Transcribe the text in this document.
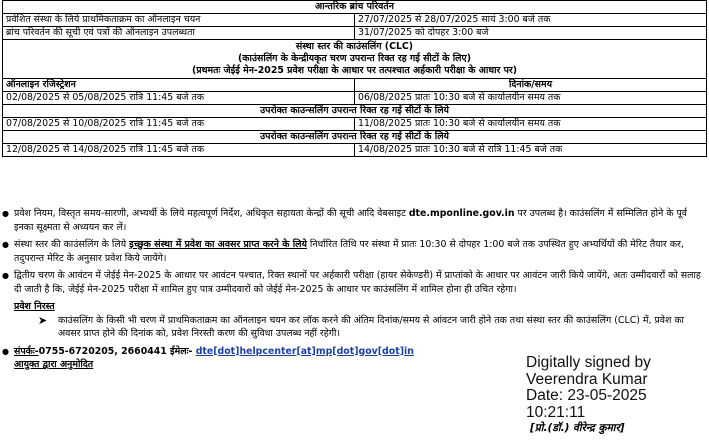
आन्तरिक ब्रांच परिवर्तन	
प्रवेशित संस्था के लिये प्राथमिकताक्रम का ऑनलाइन चयन	27/07/2025 से 28/07/2025 सायं 3:00 बजे तक
ब्रांच परिवर्तन की सूची एवं पत्रों की ऑनलाइन उपलब्धता	31/07/2025 को दोपहर 3:00 बजे

संस्था स्तर की काउंसलिंग (CLC)
(काउंसलिंग के केन्द्रीयकृत चरण उपरान्त रिक्त रह गई सीटों के लिए)
(प्रथमतः जेईई मेन-2025 प्रवेश परीक्षा के आधार पर तत्पश्चात अर्हकारी परीक्षा के आधार पर)	

ऑनलाइन रजिस्ट्रेशन	दिनांक/समय
02/08/2025 से 05/08/2025 रात्रि 11:45 बजे तक	06/08/2025 प्रातः 10:30 बजे से कार्यालयीन समय तक
उपरोक्त काउन्सलिंग उपरान्त रिक्त रह गई सीटों के लिये	
07/08/2025 से 10/08/2025 रात्रि 11:45 बजे तक	11/08/2025 प्रातः 10:30 बजे से कार्यालयीन समय तक
उपरोक्त काउन्सलिंग उपरान्त रिक्त रह गई सीटों के लिये	
12/08/2025 से 14/08/2025 रात्रि 11:45 बजे तक	14/08/2025 प्रातः 10:30 बजे से रात्रि 11:45 बजे तक
● प्रवेश नियम, विस्तृत समय-सारणी, अभ्यर्थी के लिये महत्वपूर्ण निर्देश, अधिकृत सहायता केन्द्रों की सूची आदि वेबसाइट dte.mponline.gov.in पर उपलब्ध है। काउंसलिंग में सम्मिलित होने के पूर्व इनका सूक्ष्मता से अध्ययन कर लें।
● संस्था स्तर की काउंसलिंग के लिये इच्छुक संस्था में प्रवेश का अवसर प्राप्त करने के लिये निर्धारित तिथि पर संस्था में प्रातः 10:30 से दोपहर 1:00 बजे तक उपस्थित हुए अभ्यर्थियों की मेरिट तैयार कर, तदुपरान्त मेरिट के अनुसार प्रवेश किये जायेंगे।
● द्वितीय चरण के आवंटन में जेईई मेन-2025 के आधार पर आवंटन पश्चात, रिक्त स्थानों पर अर्हकारी परीक्षा (हायर सेकेण्डरी) में प्राप्तांको के आधार पर आवंटन जारी किये जायेंगे, अतः उम्मीदवारों को सलाह दी जाती है कि, जेईई मेन-2025 परीक्षा में शामिल हुए पात्र उम्मीदवारों को जेईई मेन-2025 के आधार पर काउंसलिंग में शामिल होना ही उचित रहेगा।
प्रवेश निरस्त
➤ काउंसलिंग के किसी भी चरण में प्राथमिकताक्रम का ऑनलाइन चयन कर लॉक करने की अंतिम दिनांक/समय से आंवटन जारी होने तक तथा संस्था स्तर की काउंसलिंग (CLC) में, प्रवेश का अवसर प्राप्त होने की दिनांक को, प्रवेश निरस्ती करण की सुविधा उपलब्ध नहीं रहेगी।
● संपर्कः-0755-6720205, 2660441 ईमेलः- dte[dot]helpcenter[at]mp[dot]gov[dot]in
आयुक्त द्वारा अनुमोदित	Digitally signed by
Veerendra Kumar
Date: 23-05-2025
10:21:11
[प्रो.(डॉ.) वीरेन्द्र कुमार]
